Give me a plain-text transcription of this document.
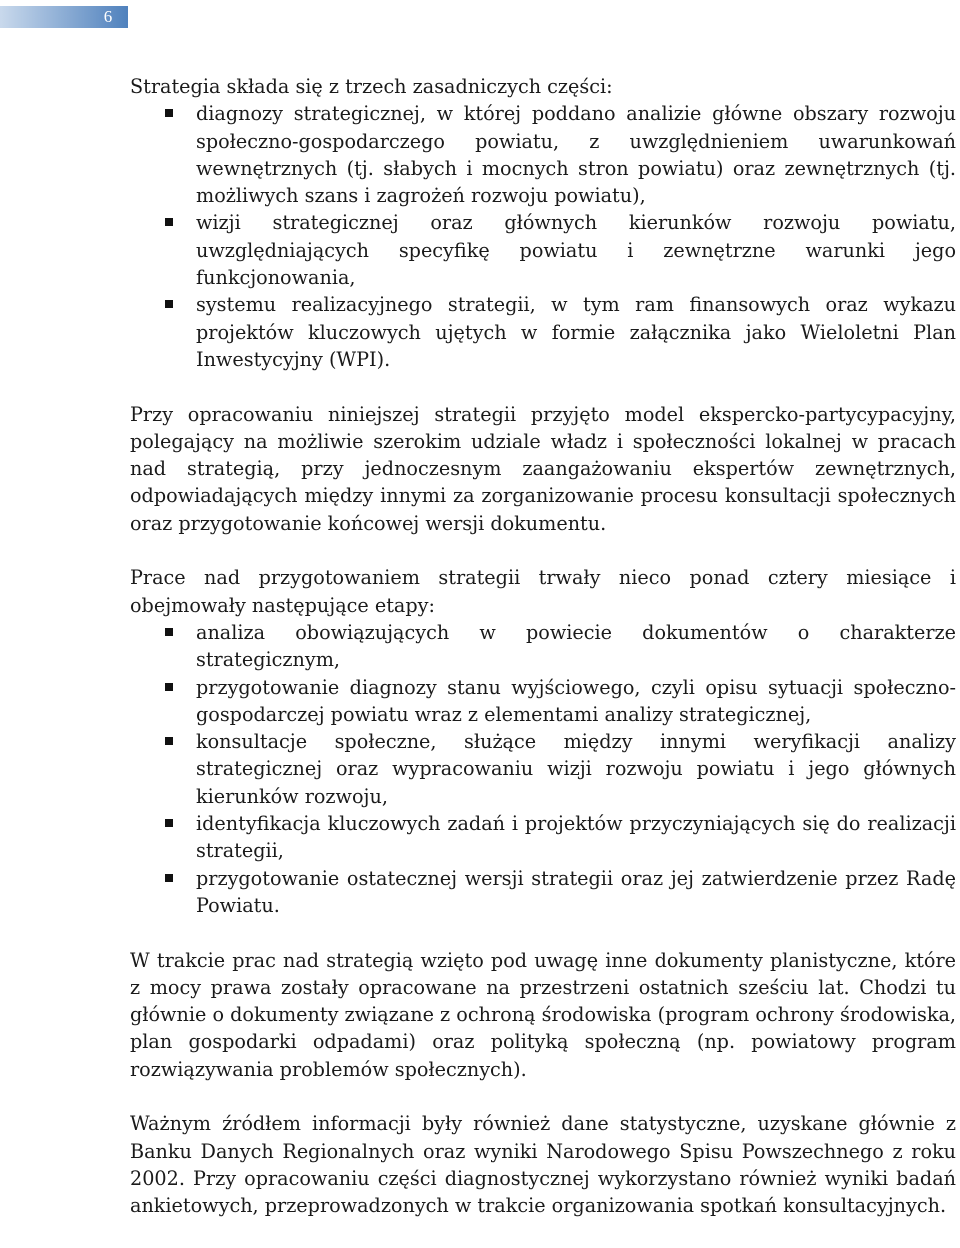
6

Strategia składa się z trzech zasadniczych części:

diagnozy strategicznej, w której poddano analizie główne obszary rozwoju społeczno-gospodarczego powiatu, z uwzględnieniem uwarunkowań wewnętrznych (tj. słabych i mocnych stron powiatu) oraz zewnętrznych (tj. możliwych szans i zagrożeń rozwoju powiatu),
wizji strategicznej oraz głównych kierunków rozwoju powiatu, uwzględniających specyfikę powiatu i zewnętrzne warunki jego funkcjonowania,
systemu realizacyjnego strategii, w tym ram finansowych oraz wykazu projektów kluczowych ujętych w formie załącznika jako Wieloletni Plan Inwestycyjny (WPI).

Przy opracowaniu niniejszej strategii przyjęto model ekspercko-partycypacyjny, polegający na możliwie szerokim udziale władz i społeczności lokalnej w pracach nad strategią, przy jednoczesnym zaangażowaniu ekspertów zewnętrznych, odpowiadających między innymi za zorganizowanie procesu konsultacji społecznych oraz przygotowanie końcowej wersji dokumentu.

Prace nad przygotowaniem strategii trwały nieco ponad cztery miesiące i obejmowały następujące etapy:

analiza obowiązujących w powiecie dokumentów o charakterze strategicznym,
przygotowanie diagnozy stanu wyjściowego, czyli opisu sytuacji społeczno-gospodarczej powiatu wraz z elementami analizy strategicznej,
konsultacje społeczne, służące między innymi weryfikacji analizy strategicznej oraz wypracowaniu wizji rozwoju powiatu i jego głównych kierunków rozwoju,
identyfikacja kluczowych zadań i projektów przyczyniających się do realizacji strategii,
przygotowanie ostatecznej wersji strategii oraz jej zatwierdzenie przez Radę Powiatu.

W trakcie prac nad strategią wzięto pod uwagę inne dokumenty planistyczne, które z mocy prawa zostały opracowane na przestrzeni ostatnich sześciu lat. Chodzi tu głównie o dokumenty związane z ochroną środowiska (program ochrony środowiska, plan gospodarki odpadami) oraz polityką społeczną (np. powiatowy program rozwiązywania problemów społecznych).

Ważnym źródłem informacji były również dane statystyczne, uzyskane głównie z Banku Danych Regionalnych oraz wyniki Narodowego Spisu Powszechnego z roku 2002. Przy opracowaniu części diagnostycznej wykorzystano również wyniki badań ankietowych, przeprowadzonych w trakcie organizowania spotkań konsultacyjnych.
